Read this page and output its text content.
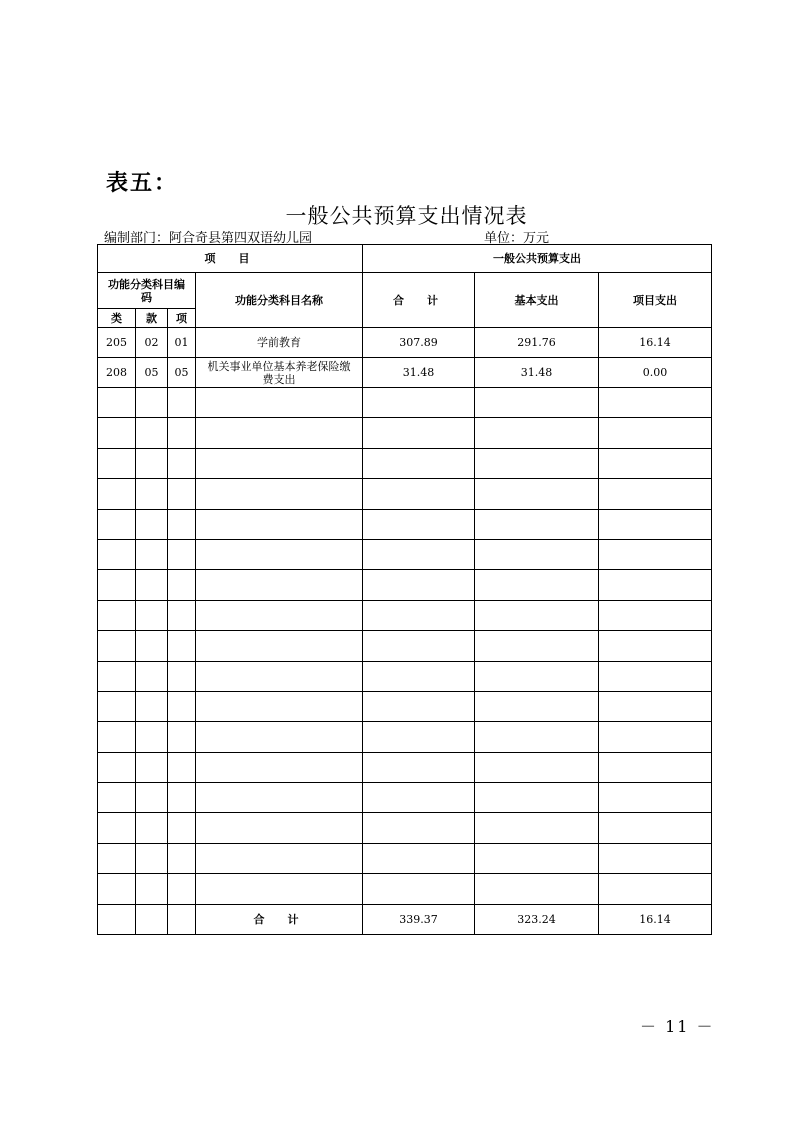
表五：
一般公共预算支出情况表
编制部门：阿合奇县第四双语幼儿园	单位：万元
项　目				一般公共预算支出		
功能分类科目编码			功能分类科目名称	合　计	基本支出	项目支出
类	款	项				
205	02	01	学前教育	307.89	291.76	16.14
208	05	05	机关事业单位基本养老保险缴费支出	31.48	31.48	0.00

			合　计	339.37	323.24	16.14
－ 11 －
